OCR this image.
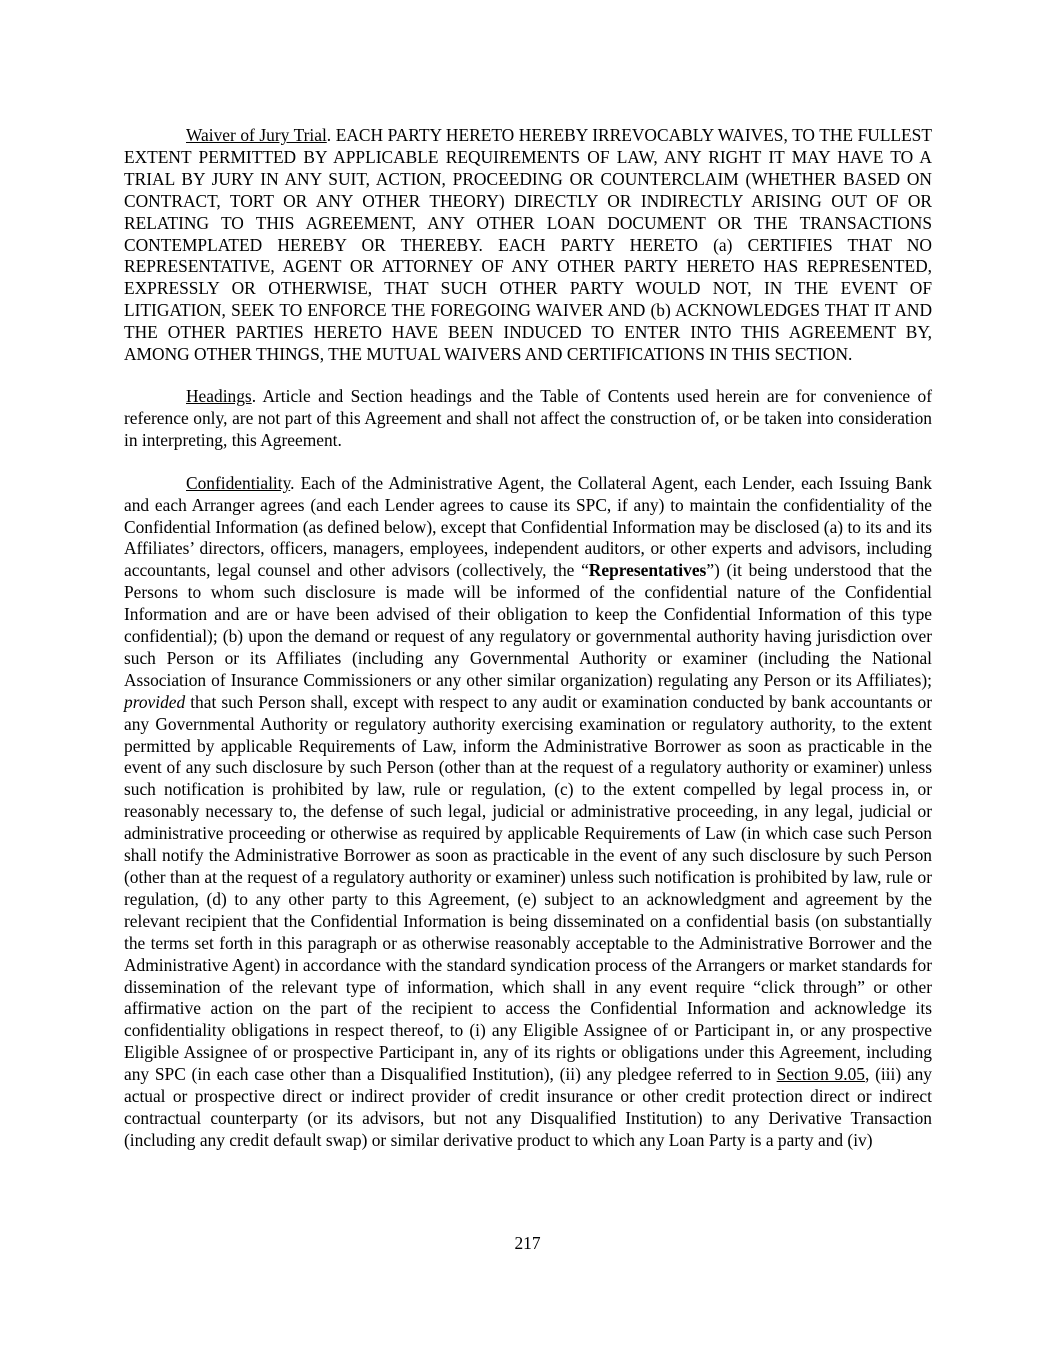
Waiver of Jury Trial. EACH PARTY HERETO HEREBY IRREVOCABLY WAIVES, TO THE FULLEST EXTENT PERMITTED BY APPLICABLE REQUIREMENTS OF LAW, ANY RIGHT IT MAY HAVE TO A TRIAL BY JURY IN ANY SUIT, ACTION, PROCEEDING OR COUNTERCLAIM (WHETHER BASED ON CONTRACT, TORT OR ANY OTHER THEORY) DIRECTLY OR INDIRECTLY ARISING OUT OF OR RELATING TO THIS AGREEMENT, ANY OTHER LOAN DOCUMENT OR THE TRANSACTIONS CONTEMPLATED HEREBY OR THEREBY. EACH PARTY HERETO (a) CERTIFIES THAT NO REPRESENTATIVE, AGENT OR ATTORNEY OF ANY OTHER PARTY HERETO HAS REPRESENTED, EXPRESSLY OR OTHERWISE, THAT SUCH OTHER PARTY WOULD NOT, IN THE EVENT OF LITIGATION, SEEK TO ENFORCE THE FOREGOING WAIVER AND (b) ACKNOWLEDGES THAT IT AND THE OTHER PARTIES HERETO HAVE BEEN INDUCED TO ENTER INTO THIS AGREEMENT BY, AMONG OTHER THINGS, THE MUTUAL WAIVERS AND CERTIFICATIONS IN THIS SECTION.

Headings. Article and Section headings and the Table of Contents used herein are for convenience of reference only, are not part of this Agreement and shall not affect the construction of, or be taken into consideration in interpreting, this Agreement.

Confidentiality. Each of the Administrative Agent, the Collateral Agent, each Lender, each Issuing Bank and each Arranger agrees (and each Lender agrees to cause its SPC, if any) to maintain the confidentiality of the Confidential Information (as defined below), except that Confidential Information may be disclosed (a) to its and its Affiliates’ directors, officers, managers, employees, independent auditors, or other experts and advisors, including accountants, legal counsel and other advisors (collectively, the “Representatives”) (it being understood that the Persons to whom such disclosure is made will be informed of the confidential nature of the Confidential Information and are or have been advised of their obligation to keep the Confidential Information of this type confidential); (b) upon the demand or request of any regulatory or governmental authority having jurisdiction over such Person or its Affiliates (including any Governmental Authority or examiner (including the National Association of Insurance Commissioners or any other similar organization) regulating any Person or its Affiliates); provided that such Person shall, except with respect to any audit or examination conducted by bank accountants or any Governmental Authority or regulatory authority exercising examination or regulatory authority, to the extent permitted by applicable Requirements of Law, inform the Administrative Borrower as soon as practicable in the event of any such disclosure by such Person (other than at the request of a regulatory authority or examiner) unless such notification is prohibited by law, rule or regulation, (c) to the extent compelled by legal process in, or reasonably necessary to, the defense of such legal, judicial or administrative proceeding, in any legal, judicial or administrative proceeding or otherwise as required by applicable Requirements of Law (in which case such Person shall notify the Administrative Borrower as soon as practicable in the event of any such disclosure by such Person (other than at the request of a regulatory authority or examiner) unless such notification is prohibited by law, rule or regulation, (d) to any other party to this Agreement, (e) subject to an acknowledgment and agreement by the relevant recipient that the Confidential Information is being disseminated on a confidential basis (on substantially the terms set forth in this paragraph or as otherwise reasonably acceptable to the Administrative Borrower and the Administrative Agent) in accordance with the standard syndication process of the Arrangers or market standards for dissemination of the relevant type of information, which shall in any event require “click through” or other affirmative action on the part of the recipient to access the Confidential Information and acknowledge its confidentiality obligations in respect thereof, to (i) any Eligible Assignee of or Participant in, or any prospective Eligible Assignee of or prospective Participant in, any of its rights or obligations under this Agreement, including any SPC (in each case other than a Disqualified Institution), (ii) any pledgee referred to in Section 9.05, (iii) any actual or prospective direct or indirect provider of credit insurance or other credit protection direct or indirect contractual counterparty (or its advisors, but not any Disqualified Institution) to any Derivative Transaction (including any credit default swap) or similar derivative product to which any Loan Party is a party and (iv)

217
